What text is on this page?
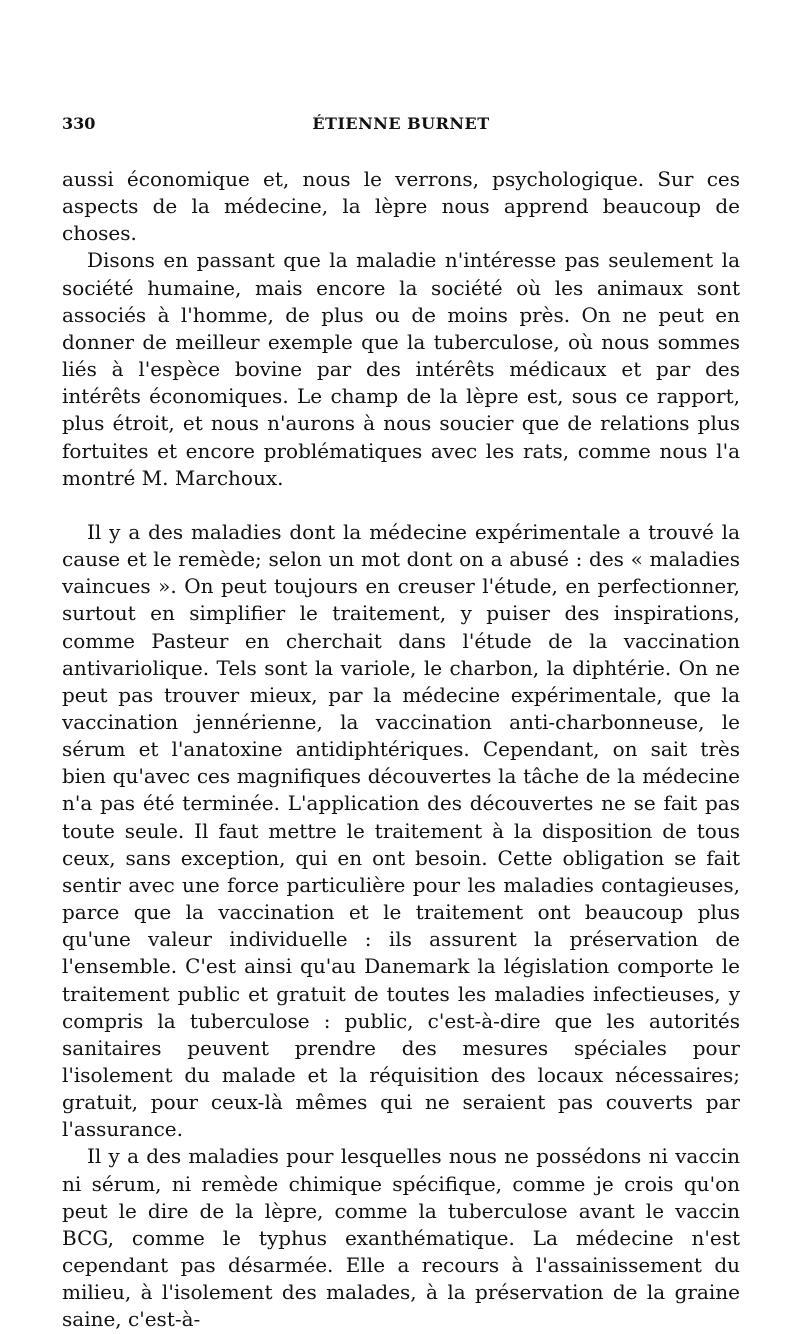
330	ÉTIENNE BURNET

aussi économique et, nous le verrons, psychologique. Sur ces aspects de la médecine, la lèpre nous apprend beaucoup de choses.

Disons en passant que la maladie n'intéresse pas seulement la société humaine, mais encore la société où les animaux sont associés à l'homme, de plus ou de moins près. On ne peut en donner de meilleur exemple que la tuberculose, où nous sommes liés à l'espèce bovine par des intérêts médicaux et par des intérêts économiques. Le champ de la lèpre est, sous ce rapport, plus étroit, et nous n'aurons à nous soucier que de relations plus fortuites et encore problématiques avec les rats, comme nous l'a montré M. Marchoux.

Il y a des maladies dont la médecine expérimentale a trouvé la cause et le remède; selon un mot dont on a abusé : des « maladies vaincues ». On peut toujours en creuser l'étude, en perfectionner, surtout en simplifier le traitement, y puiser des inspirations, comme Pasteur en cherchait dans l'étude de la vaccination antivariolique. Tels sont la variole, le charbon, la diphtérie. On ne peut pas trouver mieux, par la médecine expérimentale, que la vaccination jennérienne, la vaccination anti-charbonneuse, le sérum et l'anatoxine antidiphtériques. Cependant, on sait très bien qu'avec ces magnifiques découvertes la tâche de la médecine n'a pas été terminée. L'application des découvertes ne se fait pas toute seule. Il faut mettre le traitement à la disposition de tous ceux, sans exception, qui en ont besoin. Cette obligation se fait sentir avec une force particulière pour les maladies contagieuses, parce que la vaccination et le traitement ont beaucoup plus qu'une valeur individuelle : ils assurent la préservation de l'ensemble. C'est ainsi qu'au Danemark la législation comporte le traitement public et gratuit de toutes les maladies infectieuses, y compris la tuberculose : public, c'est-à-dire que les autorités sanitaires peuvent prendre des mesures spéciales pour l'isolement du malade et la réquisition des locaux nécessaires; gratuit, pour ceux-là mêmes qui ne seraient pas couverts par l'assurance.

Il y a des maladies pour lesquelles nous ne possédons ni vaccin ni sérum, ni remède chimique spécifique, comme je crois qu'on peut le dire de la lèpre, comme la tuberculose avant le vaccin BCG, comme le typhus exanthématique. La médecine n'est cependant pas désarmée. Elle a recours à l'assainissement du milieu, à l'isolement des malades, à la préservation de la graine saine, c'est-à-
